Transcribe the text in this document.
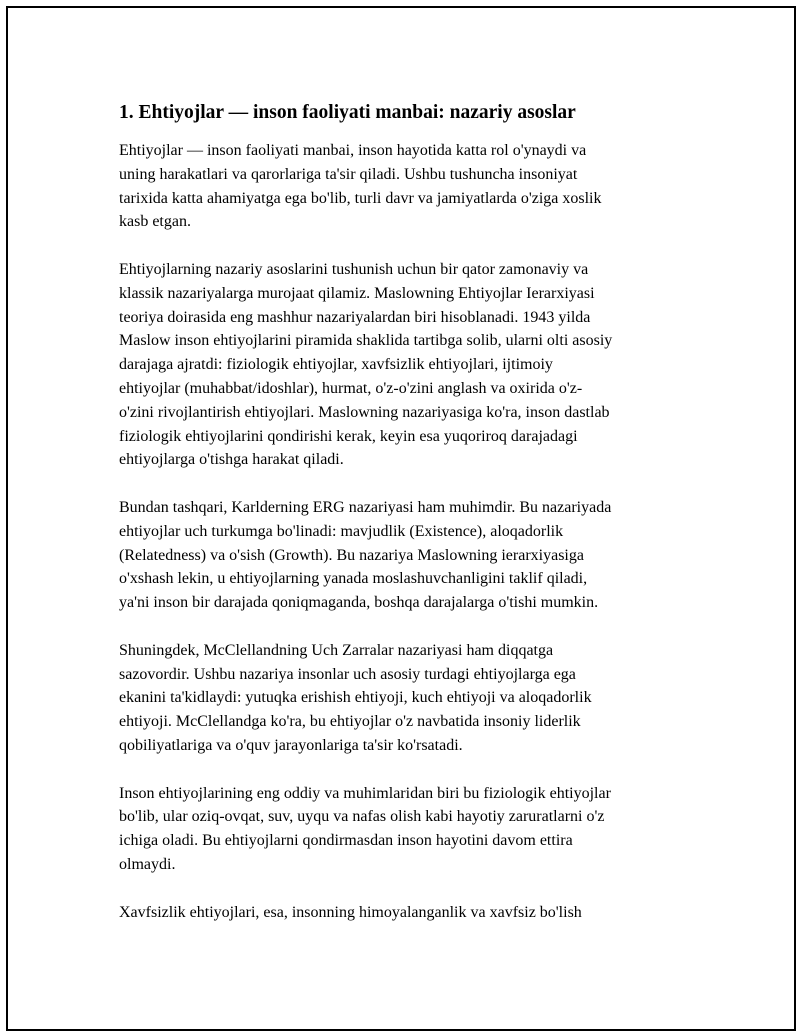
1. Ehtiyojlar — inson faoliyati manbai: nazariy asoslar

Ehtiyojlar — inson faoliyati manbai, inson hayotida katta rol o'ynaydi va
uning harakatlari va qarorlariga ta'sir qiladi. Ushbu tushuncha insoniyat
tarixida katta ahamiyatga ega bo'lib, turli davr va jamiyatlarda o'ziga xoslik
kasb etgan.

Ehtiyojlarning nazariy asoslarini tushunish uchun bir qator zamonaviy va
klassik nazariyalarga murojaat qilamiz. Maslowning Ehtiyojlar Ierarxiyasi
teoriya doirasida eng mashhur nazariyalardan biri hisoblanadi. 1943 yilda
Maslow inson ehtiyojlarini piramida shaklida tartibga solib, ularni olti asosiy
darajaga ajratdi: fiziologik ehtiyojlar, xavfsizlik ehtiyojlari, ijtimoiy
ehtiyojlar (muhabbat/idoshlar), hurmat, o'z-o'zini anglash va oxirida o'z-
o'zini rivojlantirish ehtiyojlari. Maslowning nazariyasiga ko'ra, inson dastlab
fiziologik ehtiyojlarini qondirishi kerak, keyin esa yuqoriroq darajadagi
ehtiyojlarga o'tishga harakat qiladi.

Bundan tashqari, Karlderning ERG nazariyasi ham muhimdir. Bu nazariyada
ehtiyojlar uch turkumga bo'linadi: mavjudlik (Existence), aloqadorlik
(Relatedness) va o'sish (Growth). Bu nazariya Maslowning ierarxiyasiga
o'xshash lekin, u ehtiyojlarning yanada moslashuvchanligini taklif qiladi,
ya'ni inson bir darajada qoniqmaganda, boshqa darajalarga o'tishi mumkin.

Shuningdek, McClellandning Uch Zarralar nazariyasi ham diqqatga
sazovordir. Ushbu nazariya insonlar uch asosiy turdagi ehtiyojlarga ega
ekanini ta'kidlaydi: yutuqka erishish ehtiyoji, kuch ehtiyoji va aloqadorlik
ehtiyoji. McClellandga ko'ra, bu ehtiyojlar o'z navbatida insoniy liderlik
qobiliyatlariga va o'quv jarayonlariga ta'sir ko'rsatadi.

Inson ehtiyojlarining eng oddiy va muhimlaridan biri bu fiziologik ehtiyojlar
bo'lib, ular oziq-ovqat, suv, uyqu va nafas olish kabi hayotiy zaruratlarni o'z
ichiga oladi. Bu ehtiyojlarni qondirmasdan inson hayotini davom ettira
olmaydi.

Xavfsizlik ehtiyojlari, esa, insonning himoyalanganlik va xavfsiz bo'lish
